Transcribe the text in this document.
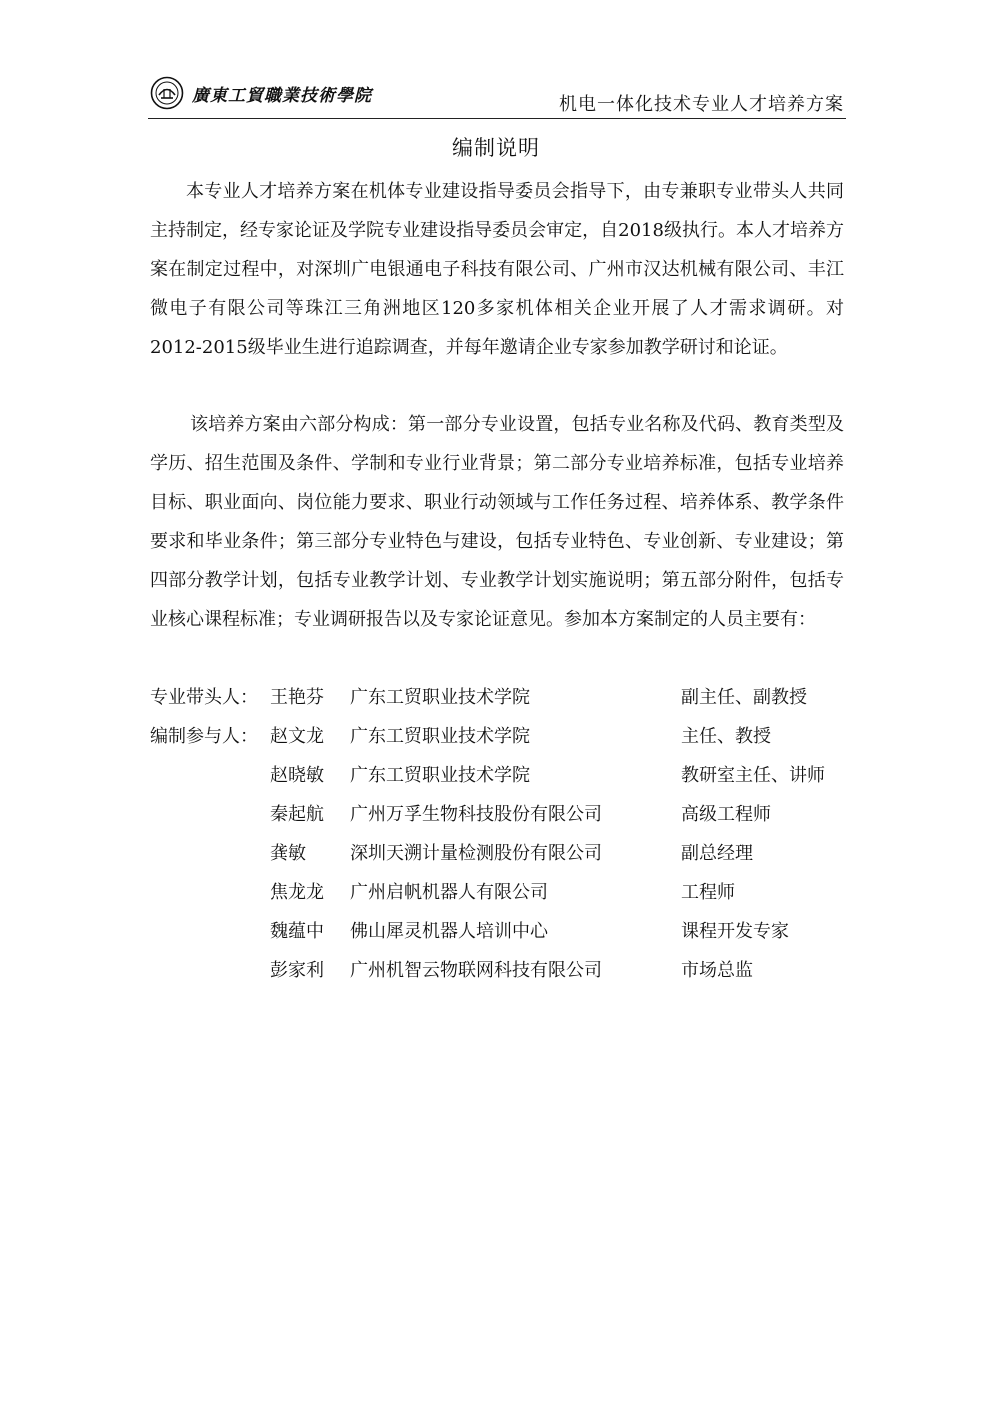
廣東工貿職業技術學院	机电一体化技术专业人才培养方案
编制说明

本专业人才培养方案在机体专业建设指导委员会指导下，由专兼职专业带头人共同主持制定，经专家论证及学院专业建设指导委员会审定，自2018级执行。本人才培养方案在制定过程中，对深圳广电银通电子科技有限公司、广州市汉达机械有限公司、丰江微电子有限公司等珠江三角洲地区120多家机体相关企业开展了人才需求调研。对2012-2015级毕业生进行追踪调查，并每年邀请企业专家参加教学研讨和论证。

该培养方案由六部分构成：第一部分专业设置，包括专业名称及代码、教育类型及学历、招生范围及条件、学制和专业行业背景；第二部分专业培养标准，包括专业培养目标、职业面向、岗位能力要求、职业行动领域与工作任务过程、培养体系、教学条件要求和毕业条件；第三部分专业特色与建设，包括专业特色、专业创新、专业建设；第四部分教学计划，包括专业教学计划、专业教学计划实施说明；第五部分附件，包括专业核心课程标准；专业调研报告以及专家论证意见。参加本方案制定的人员主要有：

专业带头人： 王艳芬 广东工贸职业技术学院	副主任、副教授
编制参与人： 赵文龙 广东工贸职业技术学院	主任、教授
赵晓敏 广东工贸职业技术学院	教研室主任、讲师
秦起航 广州万孚生物科技股份有限公司	高级工程师
龚敏 深圳天溯计量检测股份有限公司	副总经理
焦龙龙 广州启帆机器人有限公司	工程师
魏蕴中 佛山犀灵机器人培训中心	课程开发专家
彭家利 广州机智云物联网科技有限公司	市场总监
